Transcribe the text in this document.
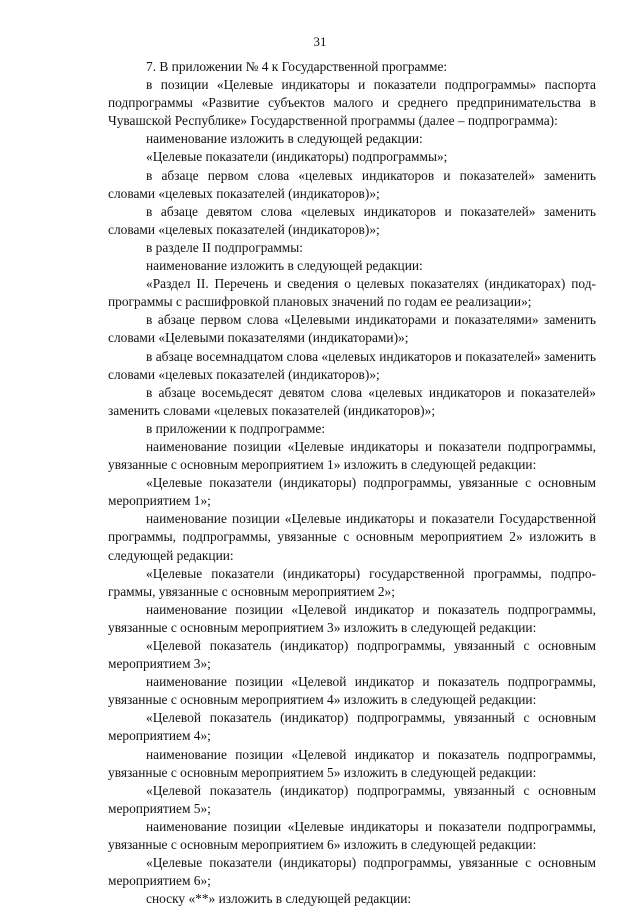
31

7. В приложении № 4 к Государственной программе:

в позиции «Целевые индикаторы и показатели подпрограммы» паспорта подпрограммы «Развитие субъектов малого и среднего предпринимательства в Чувашской Республике» Государственной программы (далее – подпрограмма):

наименование изложить в следующей редакции:

«Целевые показатели (индикаторы) подпрограммы»;

в абзаце первом слова «целевых индикаторов и показателей» заменить словами «целевых показателей (индикаторов)»;

в абзаце девятом слова «целевых индикаторов и показателей» заменить словами «целевых показателей (индикаторов)»;

в разделе II подпрограммы:

наименование изложить в следующей редакции:

«Раздел II. Перечень и сведения о целевых показателях (индикаторах) подпрограммы с расшифровкой плановых значений по годам ее реализации»;

в абзаце первом слова «Целевыми индикаторами и показателями» заменить словами «Целевыми показателями (индикаторами)»;

в абзаце восемнадцатом слова «целевых индикаторов и показателей» заменить словами «целевых показателей (индикаторов)»;

в абзаце восемьдесят девятом слова «целевых индикаторов и показателей» заменить словами «целевых показателей (индикаторов)»;

в приложении к подпрограмме:

наименование позиции «Целевые индикаторы и показатели подпрограммы, увязанные с основным мероприятием 1» изложить в следующей редакции:

«Целевые показатели (индикаторы) подпрограммы, увязанные с основным мероприятием 1»;

наименование позиции «Целевые индикаторы и показатели Государственной программы, подпрограммы, увязанные с основным мероприятием 2» изложить в следующей редакции:

«Целевые показатели (индикаторы) государственной программы, подпрограммы, увязанные с основным мероприятием 2»;

наименование позиции «Целевой индикатор и показатель подпрограммы, увязанные с основным мероприятием 3» изложить в следующей редакции:

«Целевой показатель (индикатор) подпрограммы, увязанный с основным мероприятием 3»;

наименование позиции «Целевой индикатор и показатель подпрограммы, увязанные с основным мероприятием 4» изложить в следующей редакции:

«Целевой показатель (индикатор) подпрограммы, увязанный с основным мероприятием 4»;

наименование позиции «Целевой индикатор и показатель подпрограммы, увязанные с основным мероприятием 5» изложить в следующей редакции:

«Целевой показатель (индикатор) подпрограммы, увязанный с основным мероприятием 5»;

наименование позиции «Целевые индикаторы и показатели подпрограммы, увязанные с основным мероприятием 6» изложить в следующей редакции:

«Целевые показатели (индикаторы) подпрограммы, увязанные с основным мероприятием 6»;

сноску «**» изложить в следующей редакции:
